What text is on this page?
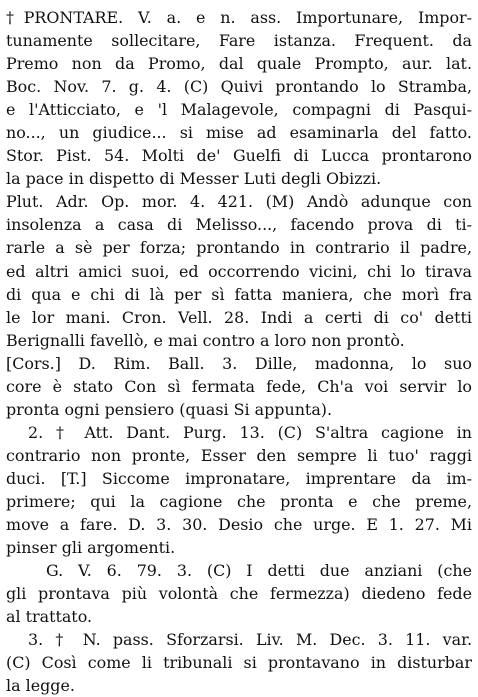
†PRONTARE. V. a. e n. ass. Importunare, Impor-
tunamente sollecitare, Fare istanza. Frequent. da
Premo non da Promo, dal quale Prompto, aur. lat.
Boc. Nov. 7. g. 4. (C) Quivi prontando lo Stramba,
e l'Atticciato, e 'l Malagevole, compagni di Pasqui-
no..., un giudice... si mise ad esaminarla del fatto.
Stor. Pist. 54. Molti de' Guelfi di Lucca prontarono
la pace in dispetto di Messer Luti degli Obizzi.
Plut. Adr. Op. mor. 4. 421. (M) Andò adunque con
insolenza a casa di Melisso..., facendo prova di ti-
rarle a sè per forza; prontando in contrario il padre,
ed altri amici suoi, ed occorrendo vicini, chi lo tirava
di qua e chi di là per sì fatta maniera, che morì fra
le lor mani. Cron. Vell. 28. Indi a certi di co' detti
Berignalli favellò, e mai contro a loro non prontò.
[Cors.] D. Rim. Ball. 3. Dille, madonna, lo suo
core è stato Con sì fermata fede, Ch'a voi servir lo
pronta ogni pensiero (quasi Si appunta).
2. † Att. Dant. Purg. 13. (C) S'altra cagione in
contrario non pronte, Esser den sempre li tuo' raggi
duci. [T.] Siccome impronatare, imprentare da im-
primere; qui la cagione che pronta e che preme,
move a fare. D. 3. 30. Desio che urge. E 1. 27. Mi
pinser gli argomenti.
G. V. 6. 79. 3. (C) I detti due anziani (che
gli prontava più volontà che fermezza) diedeno fede
al trattato.
3. † N. pass. Sforzarsi. Liv. M. Dec. 3. 11. var.
(C) Così come li tribunali si prontavano in disturbar
la legge.
